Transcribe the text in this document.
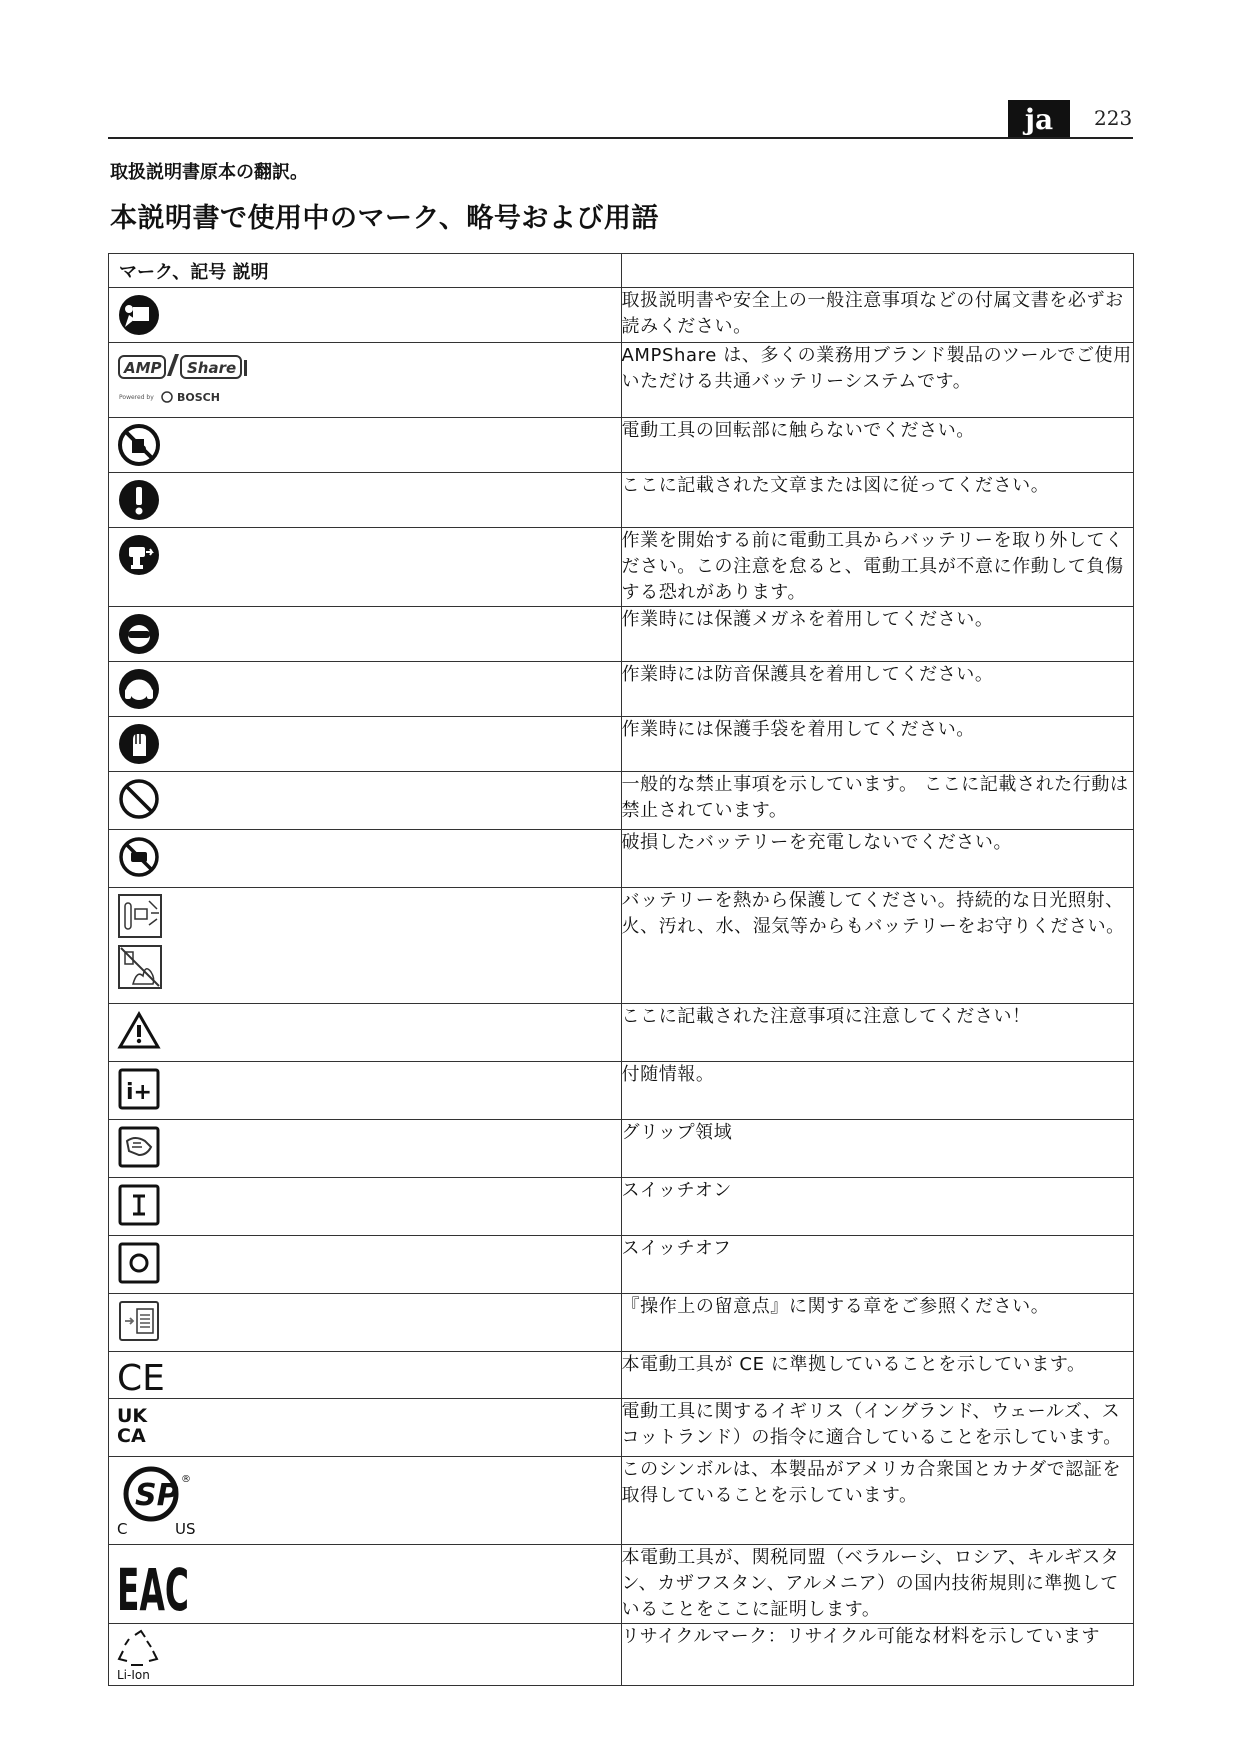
ja	223
取扱説明書原本の翻訳。
本説明書で使用中のマーク、略号および用語
マーク、記号 説明	

	取扱説明書や安全上の一般注意事項などの付属文書を必ずお読みください。

AMP Share
Powered by BOSCH	AMPShare は、多くの業務用ブランド製品のツールでご使用いただける共通バッテリーシステムです。

	電動工具の回転部に触らないでください。

	ここに記載された文章または図に従ってください。

	作業を開始する前に電動工具からバッテリーを取り外してください。この注意を怠ると、電動工具が不意に作動して負傷する恐れがあります。

	作業時には保護メガネを着用してください。

	作業時には防音保護具を着用してください。

	作業時には保護手袋を着用してください。

	一般的な禁止事項を示しています。 ここに記載された行動は禁止されています。

	破損したバッテリーを充電しないでください。

	バッテリーを熱から保護してください。持続的な日光照射、火、汚れ、水、湿気等からもバッテリーをお守りください。

	ここに記載された注意事項に注意してください！

i+	付随情報。

	グリップ領域

	スイッチオン

	スイッチオフ

	『操作上の留意点』に関する章をご参照ください。

CE	本電動工具が CE に準拠していることを示しています。

UK
CA	電動工具に関するイギリス（イングランド、ウェールズ、スコットランド）の指令に適合していることを示しています。

SP ®
C US	このシンボルは、本製品がアメリカ合衆国とカナダで認証を取得していることを示しています。

EAC	本電動工具が、関税同盟（ベラルーシ、ロシア、キルギスタン、カザフスタン、アルメニア）の国内技術規則に準拠していることをここに証明します。

Li-Ion	リサイクルマーク：リサイクル可能な材料を示しています
